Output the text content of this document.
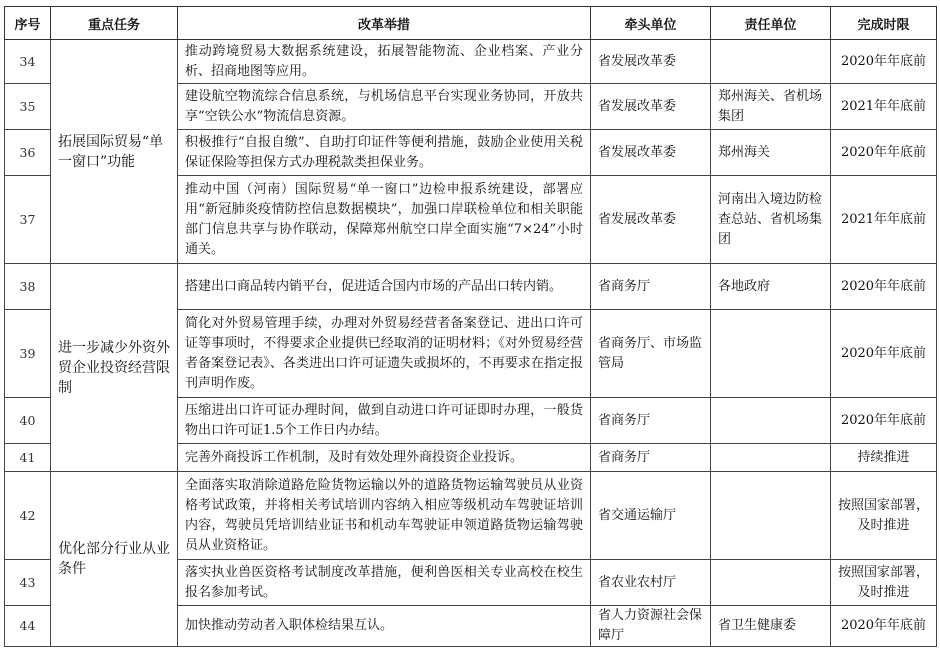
序号	重点任务	改革举措	牵头单位	责任单位	完成时限
34	拓展国际贸易“单一窗口”功能	推动跨境贸易大数据系统建设，拓展智能物流、企业档案、产业分析、招商地图等应用。	省发展改革委		2020年年底前
35		建设航空物流综合信息系统，与机场信息平台实现业务协同，开放共享“空铁公水”物流信息资源。	省发展改革委	郑州海关、省机场集团	2021年年底前
36		积极推行“自报自缴”、自助打印证件等便利措施，鼓励企业使用关税保证保险等担保方式办理税款类担保业务。	省发展改革委	郑州海关	2020年年底前
37		推动中国（河南）国际贸易“单一窗口”边检申报系统建设，部署应用“新冠肺炎疫情防控信息数据模块”，加强口岸联检单位和相关职能部门信息共享与协作联动，保障郑州航空口岸全面实施“7×24”小时通关。	省发展改革委	河南出入境边防检查总站、省机场集团	2021年年底前
38	进一步减少外资外贸企业投资经营限制	搭建出口商品转内销平台，促进适合国内市场的产品出口转内销。	省商务厅	各地政府	2020年年底前
39		简化对外贸易管理手续，办理对外贸易经营者备案登记、进出口许可证等事项时，不得要求企业提供已经取消的证明材料；《对外贸易经营者备案登记表》、各类进出口许可证遗失或损坏的，不再要求在指定报刊声明作废。	省商务厅、市场监管局		2020年年底前
40		压缩进出口许可证办理时间，做到自动进口许可证即时办理，一般货物出口许可证1.5个工作日内办结。	省商务厅		2020年年底前
41		完善外商投诉工作机制，及时有效处理外商投资企业投诉。	省商务厅		持续推进
42	优化部分行业从业条件	全面落实取消除道路危险货物运输以外的道路货物运输驾驶员从业资格考试政策，并将相关考试培训内容纳入相应等级机动车驾驶证培训内容，驾驶员凭培训结业证书和机动车驾驶证申领道路货物运输驾驶员从业资格证。	省交通运输厅		按照国家部署，及时推进
43		落实执业兽医资格考试制度改革措施，便利兽医相关专业高校在校生报名参加考试。	省农业农村厅		按照国家部署，及时推进
44		加快推动劳动者入职体检结果互认。	省人力资源社会保障厅	省卫生健康委	2020年年底前
